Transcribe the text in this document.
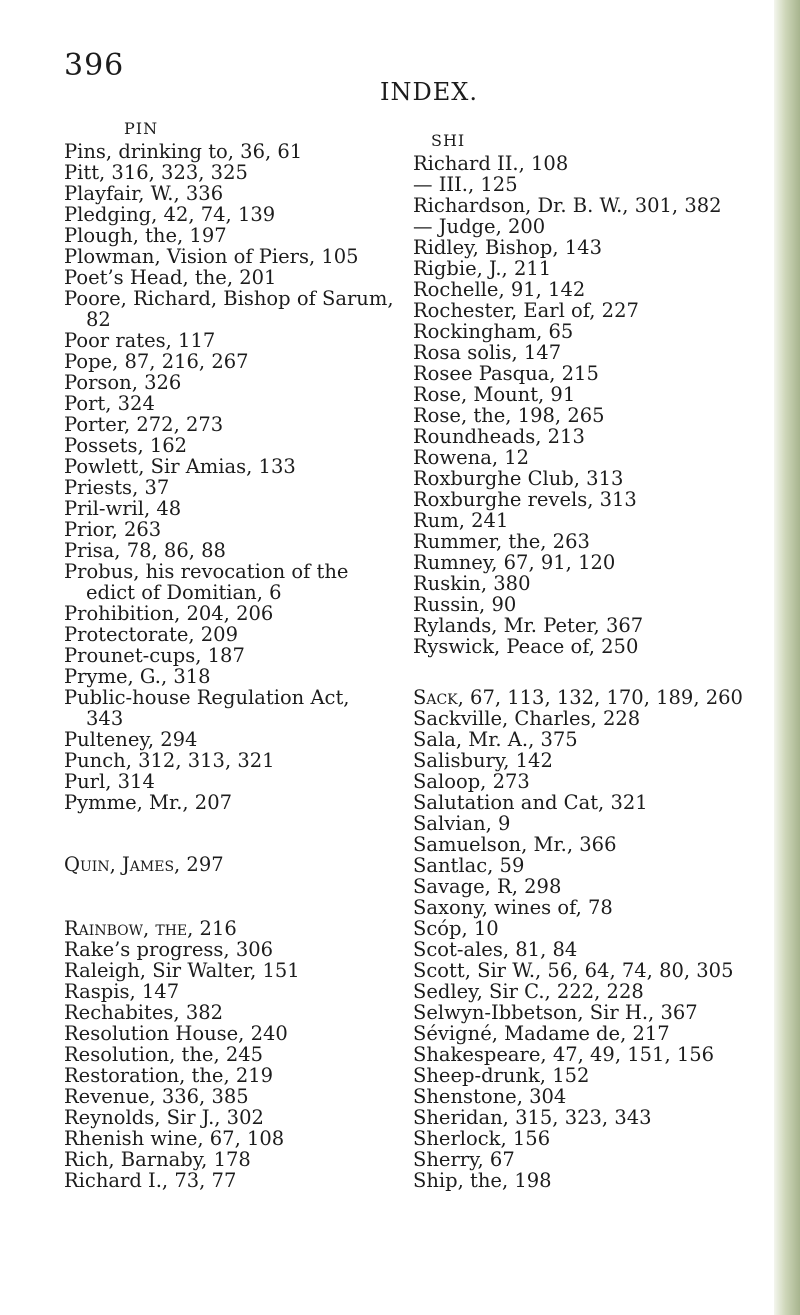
396
INDEX.
PIN
Pins, drinking to, 36, 61
Pitt, 316, 323, 325
Playfair, W., 336
Pledging, 42, 74, 139
Plough, the, 197
Plowman, Vision of Piers, 105
Poet’s Head, the, 201
Poore, Richard, Bishop of Sarum,
82
Poor rates, 117
Pope, 87, 216, 267
Porson, 326
Port, 324
Porter, 272, 273
Possets, 162
Powlett, Sir Amias, 133
Priests, 37
Pril-wril, 48
Prior, 263
Prisa, 78, 86, 88
Probus, his revocation of the
edict of Domitian, 6
Prohibition, 204, 206
Protectorate, 209
Prounet-cups, 187
Pryme, G., 318
Public-house Regulation Act,
343
Pulteney, 294
Punch, 312, 313, 321
Purl, 314
Pymme, Mr., 207
Quin, James, 297
Rainbow, the, 216
Rake’s progress, 306
Raleigh, Sir Walter, 151
Raspis, 147
Rechabites, 382
Resolution House, 240
Resolution, the, 245
Restoration, the, 219
Revenue, 336, 385
Reynolds, Sir J., 302
Rhenish wine, 67, 108
Rich, Barnaby, 178
Richard I., 73, 77
SHI
Richard II., 108
— III., 125
Richardson, Dr. B. W., 301, 382
— Judge, 200
Ridley, Bishop, 143
Rigbie, J., 211
Rochelle, 91, 142
Rochester, Earl of, 227
Rockingham, 65
Rosa solis, 147
Rosee Pasqua, 215
Rose, Mount, 91
Rose, the, 198, 265
Roundheads, 213
Rowena, 12
Roxburghe Club, 313
Roxburghe revels, 313
Rum, 241
Rummer, the, 263
Rumney, 67, 91, 120
Ruskin, 380
Russin, 90
Rylands, Mr. Peter, 367
Ryswick, Peace of, 250
Sack, 67, 113, 132, 170, 189, 260
Sackville, Charles, 228
Sala, Mr. A., 375
Salisbury, 142
Saloop, 273
Salutation and Cat, 321
Salvian, 9
Samuelson, Mr., 366
Santlac, 59
Savage, R, 298
Saxony, wines of, 78
Scóp, 10
Scot-ales, 81, 84
Scott, Sir W., 56, 64, 74, 80, 305
Sedley, Sir C., 222, 228
Selwyn-Ibbetson, Sir H., 367
Sévigné, Madame de, 217
Shakespeare, 47, 49, 151, 156
Sheep-drunk, 152
Shenstone, 304
Sheridan, 315, 323, 343
Sherlock, 156
Sherry, 67
Ship, the, 198
